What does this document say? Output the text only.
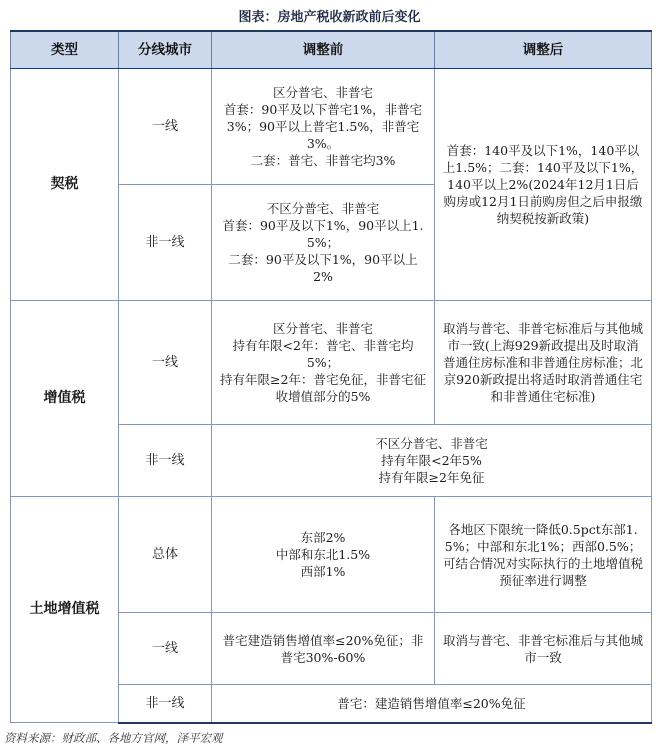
图表：房地产税收新政前后变化
类型	分线城市	调整前	调整后
契税	一线	区分普宅、非普宅
首套：90平及以下普宅1%，非普宅3%；90平以上普宅1.5%，非普宅3%。
二套：普宅、非普宅均3%	首套：140平及以下1%，140平以上1.5%；二套：140平及以下1%，140平以上2%(2024年12月1日后购房或12月1日前购房但之后申报缴纳契税按新政策)
	非一线	不区分普宅、非普宅
首套：90平及以下1%，90平以上1.5%；
二套：90平及以下1%，90平以上2%	

增值税	一线	区分普宅、非普宅
持有年限<2年：普宅、非普宅均5%；
持有年限≥2年：普宅免征，非普宅征收增值部分的5%	取消与普宅、非普宅标准后与其他城市一致(上海929新政提出及时取消普通住房标准和非普通住房标准；北京920新政提出将适时取消普通住宅和非普通住宅标准)
	非一线	不区分普宅、非普宅
持有年限<2年5%
持有年限≥2年免征	

土地增值税	总体	东部2%
中部和东北1.5%
西部1%	各地区下限统一降低0.5pct东部1.5%；中部和东北1%；西部0.5%；可结合情况对实际执行的土地增值税预征率进行调整
	一线	普宅建造销售增值率≤20%免征；非普宅30%-60%	取消与普宅、非普宅标准后与其他城市一致
	非一线	普宅：建造销售增值率≤20%免征	
资料来源：财政部、各地方官网，泽平宏观
